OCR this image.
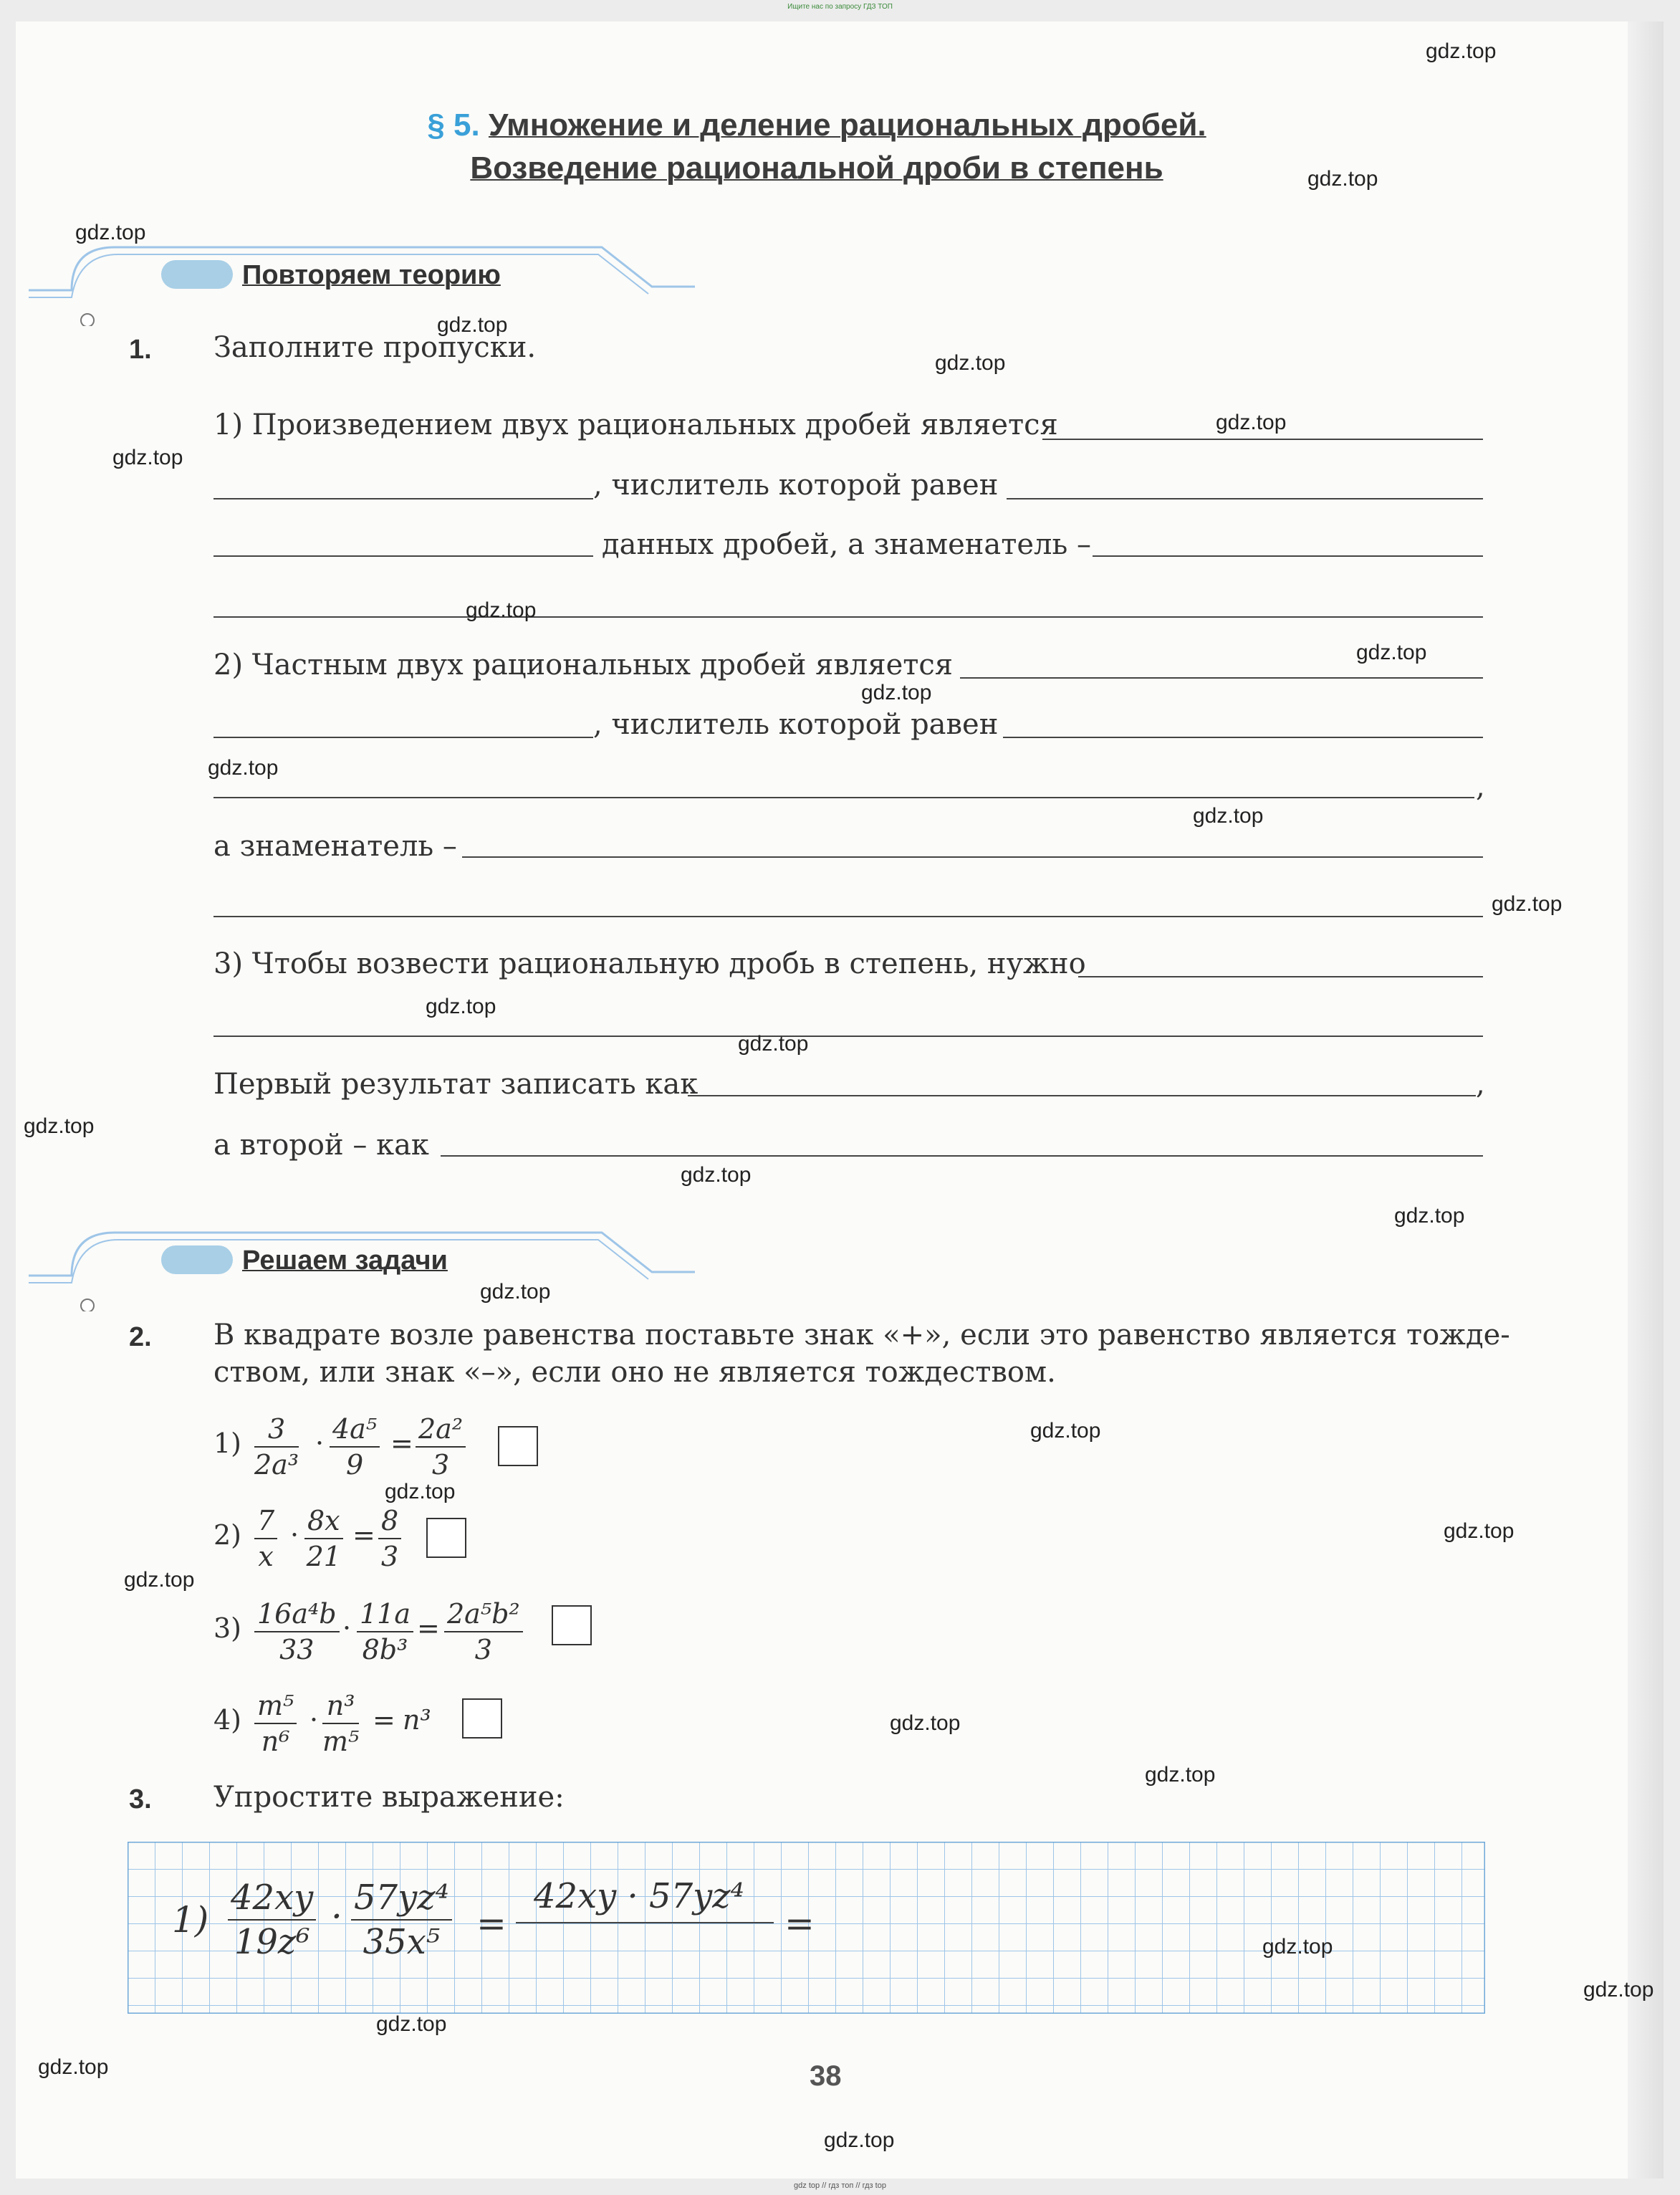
Ищите нас по запросу ГДЗ ТОП
§ 5. Умножение и деление рациональных дробей.
Возведение рациональной дроби в степень
Повторяем теорию
1. Заполните пропуски.
1) Произведением двух рациональных дробей является
, числитель которой равен
данных дробей, а знаменатель –
2) Частным двух рациональных дробей является
, числитель которой равен
,
а знаменатель –
3) Чтобы возвести рациональную дробь в степень, нужно
Первый результат записать как	,
а второй – как
Решаем задачи
2. В квадрате возле равенства поставьте знак «+», если это равенство является тожде-
ством, или знак «–», если оно не является тождеством.
$1) \frac{3}{\text{2a³}} \cdot \frac{\text{4a⁵}}{9} = \frac{\text{2a²}}{3}$
$2) \frac{7}{x} \cdot \frac{8x}{21} = \frac{8}{3}$
$3) \frac{\text{16a⁴b}}{33} \cdot \frac{11a}{\text{8b³}} = \frac{\text{2a⁵b²}}{3}$
$4) \frac{\text{m⁵}}{\text{n⁶}} \cdot \frac{\text{n³}}{\text{m⁵}} = n^3$
3. Упростите выражение:
$1) \frac{42xy}{\text{19z⁶}} \cdot \frac{\text{57yz⁴}}{\text{35x⁵}}$ =
42xy · 57yz⁴
=
38
gdz.top
gdz.top
gdz.top
gdz.top
gdz.top
gdz.top
gdz.top
gdz.top
gdz.top
gdz.top
gdz.top
gdz.top
gdz.top
gdz.top
gdz.top
gdz.top
gdz.top
gdz.top
gdz.top
gdz.top
gdz.top
gdz.top
gdz.top
gdz.top
gdz.top
gdz.top
gdz.top
gdz.top
gdz.top
gdz.top
gdz top // гдз топ // гдз top
